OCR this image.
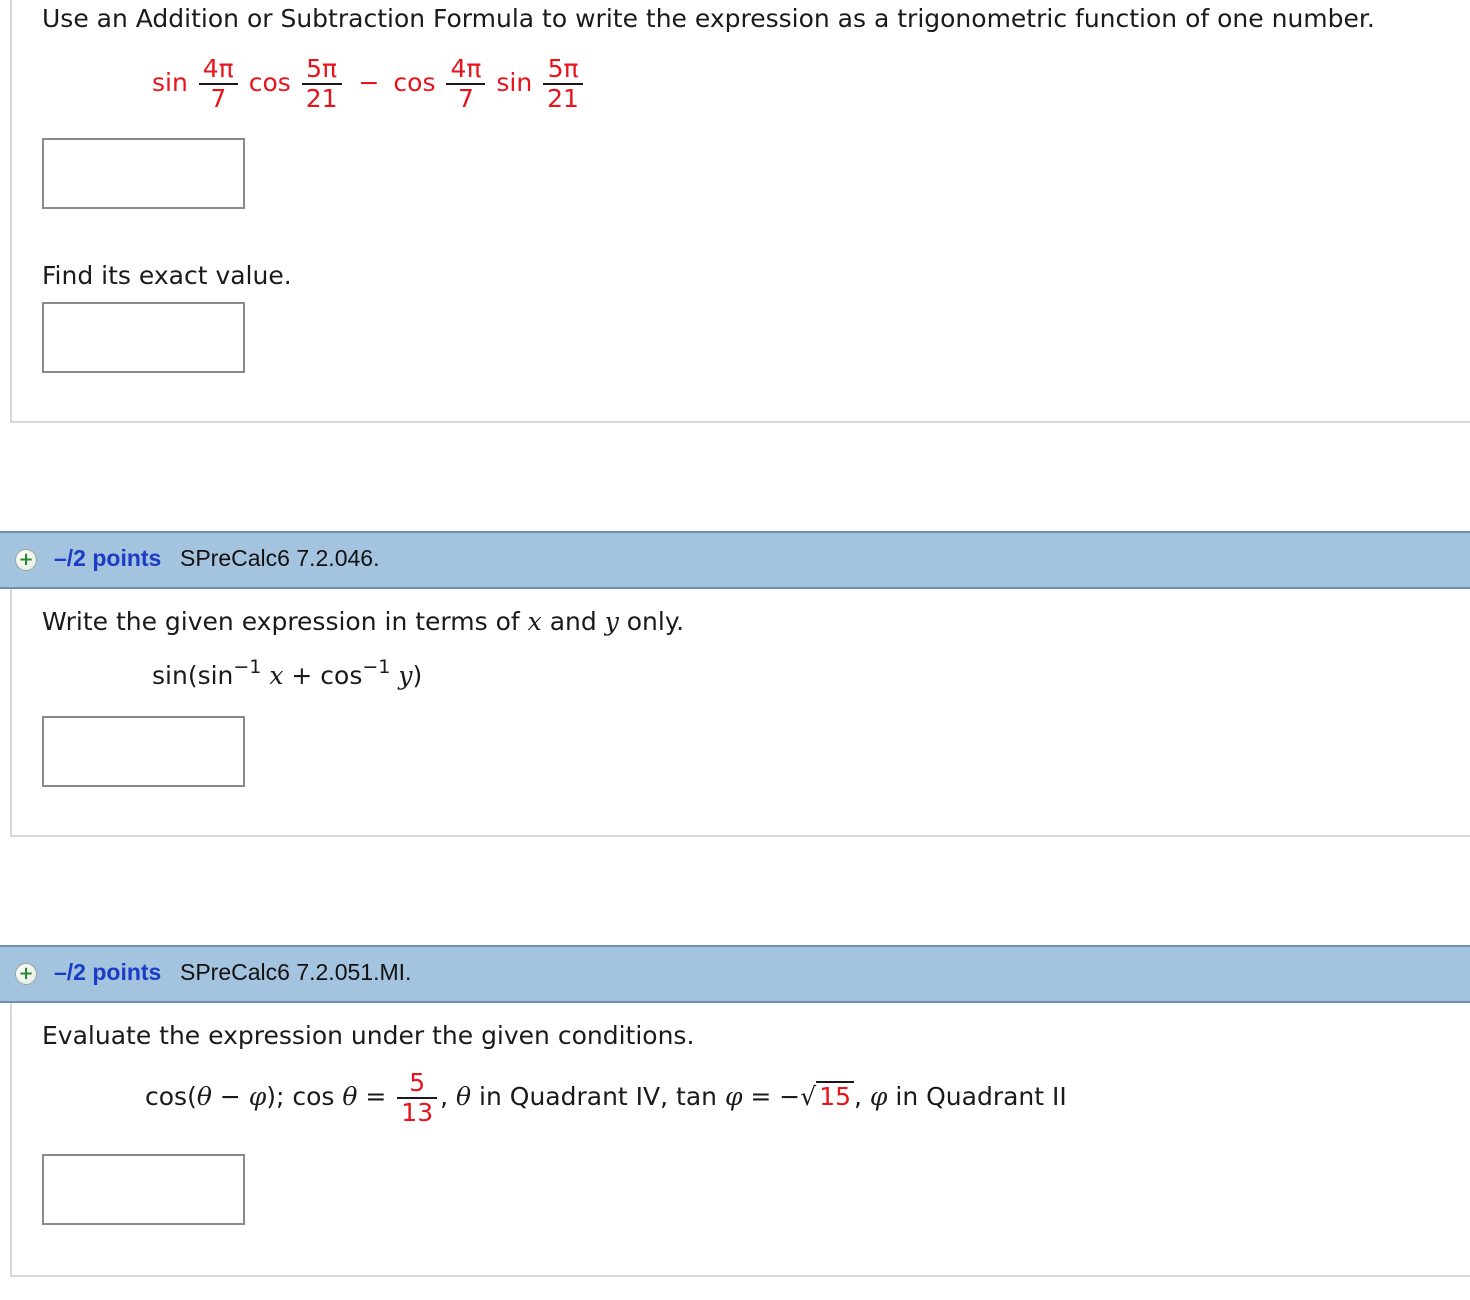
Use an Addition or Subtraction Formula to write the expression as a trigonometric function of one number.
$\sin \frac{4\pi}{7}$ $\cos \frac{5\pi}{21} - \cos \frac{4\pi}{7}$ $\sin \frac{5\pi}{21}$
Find its exact value.
+ –/2 points SPreCalc6 7.2.046.
Write the given expression in terms of x and y only.
$\sin(\sin^{-1}$ $x + \cos^{-1} y$)
+ –/2 points SPreCalc6 7.2.051.MI.
Evaluate the expression under the given conditions.
cos(θ − φ); $\cos \theta = \frac{5}{13}$ , θ in Quadrant IV, tan φ = −√ 15 , φ in Quadrant II
